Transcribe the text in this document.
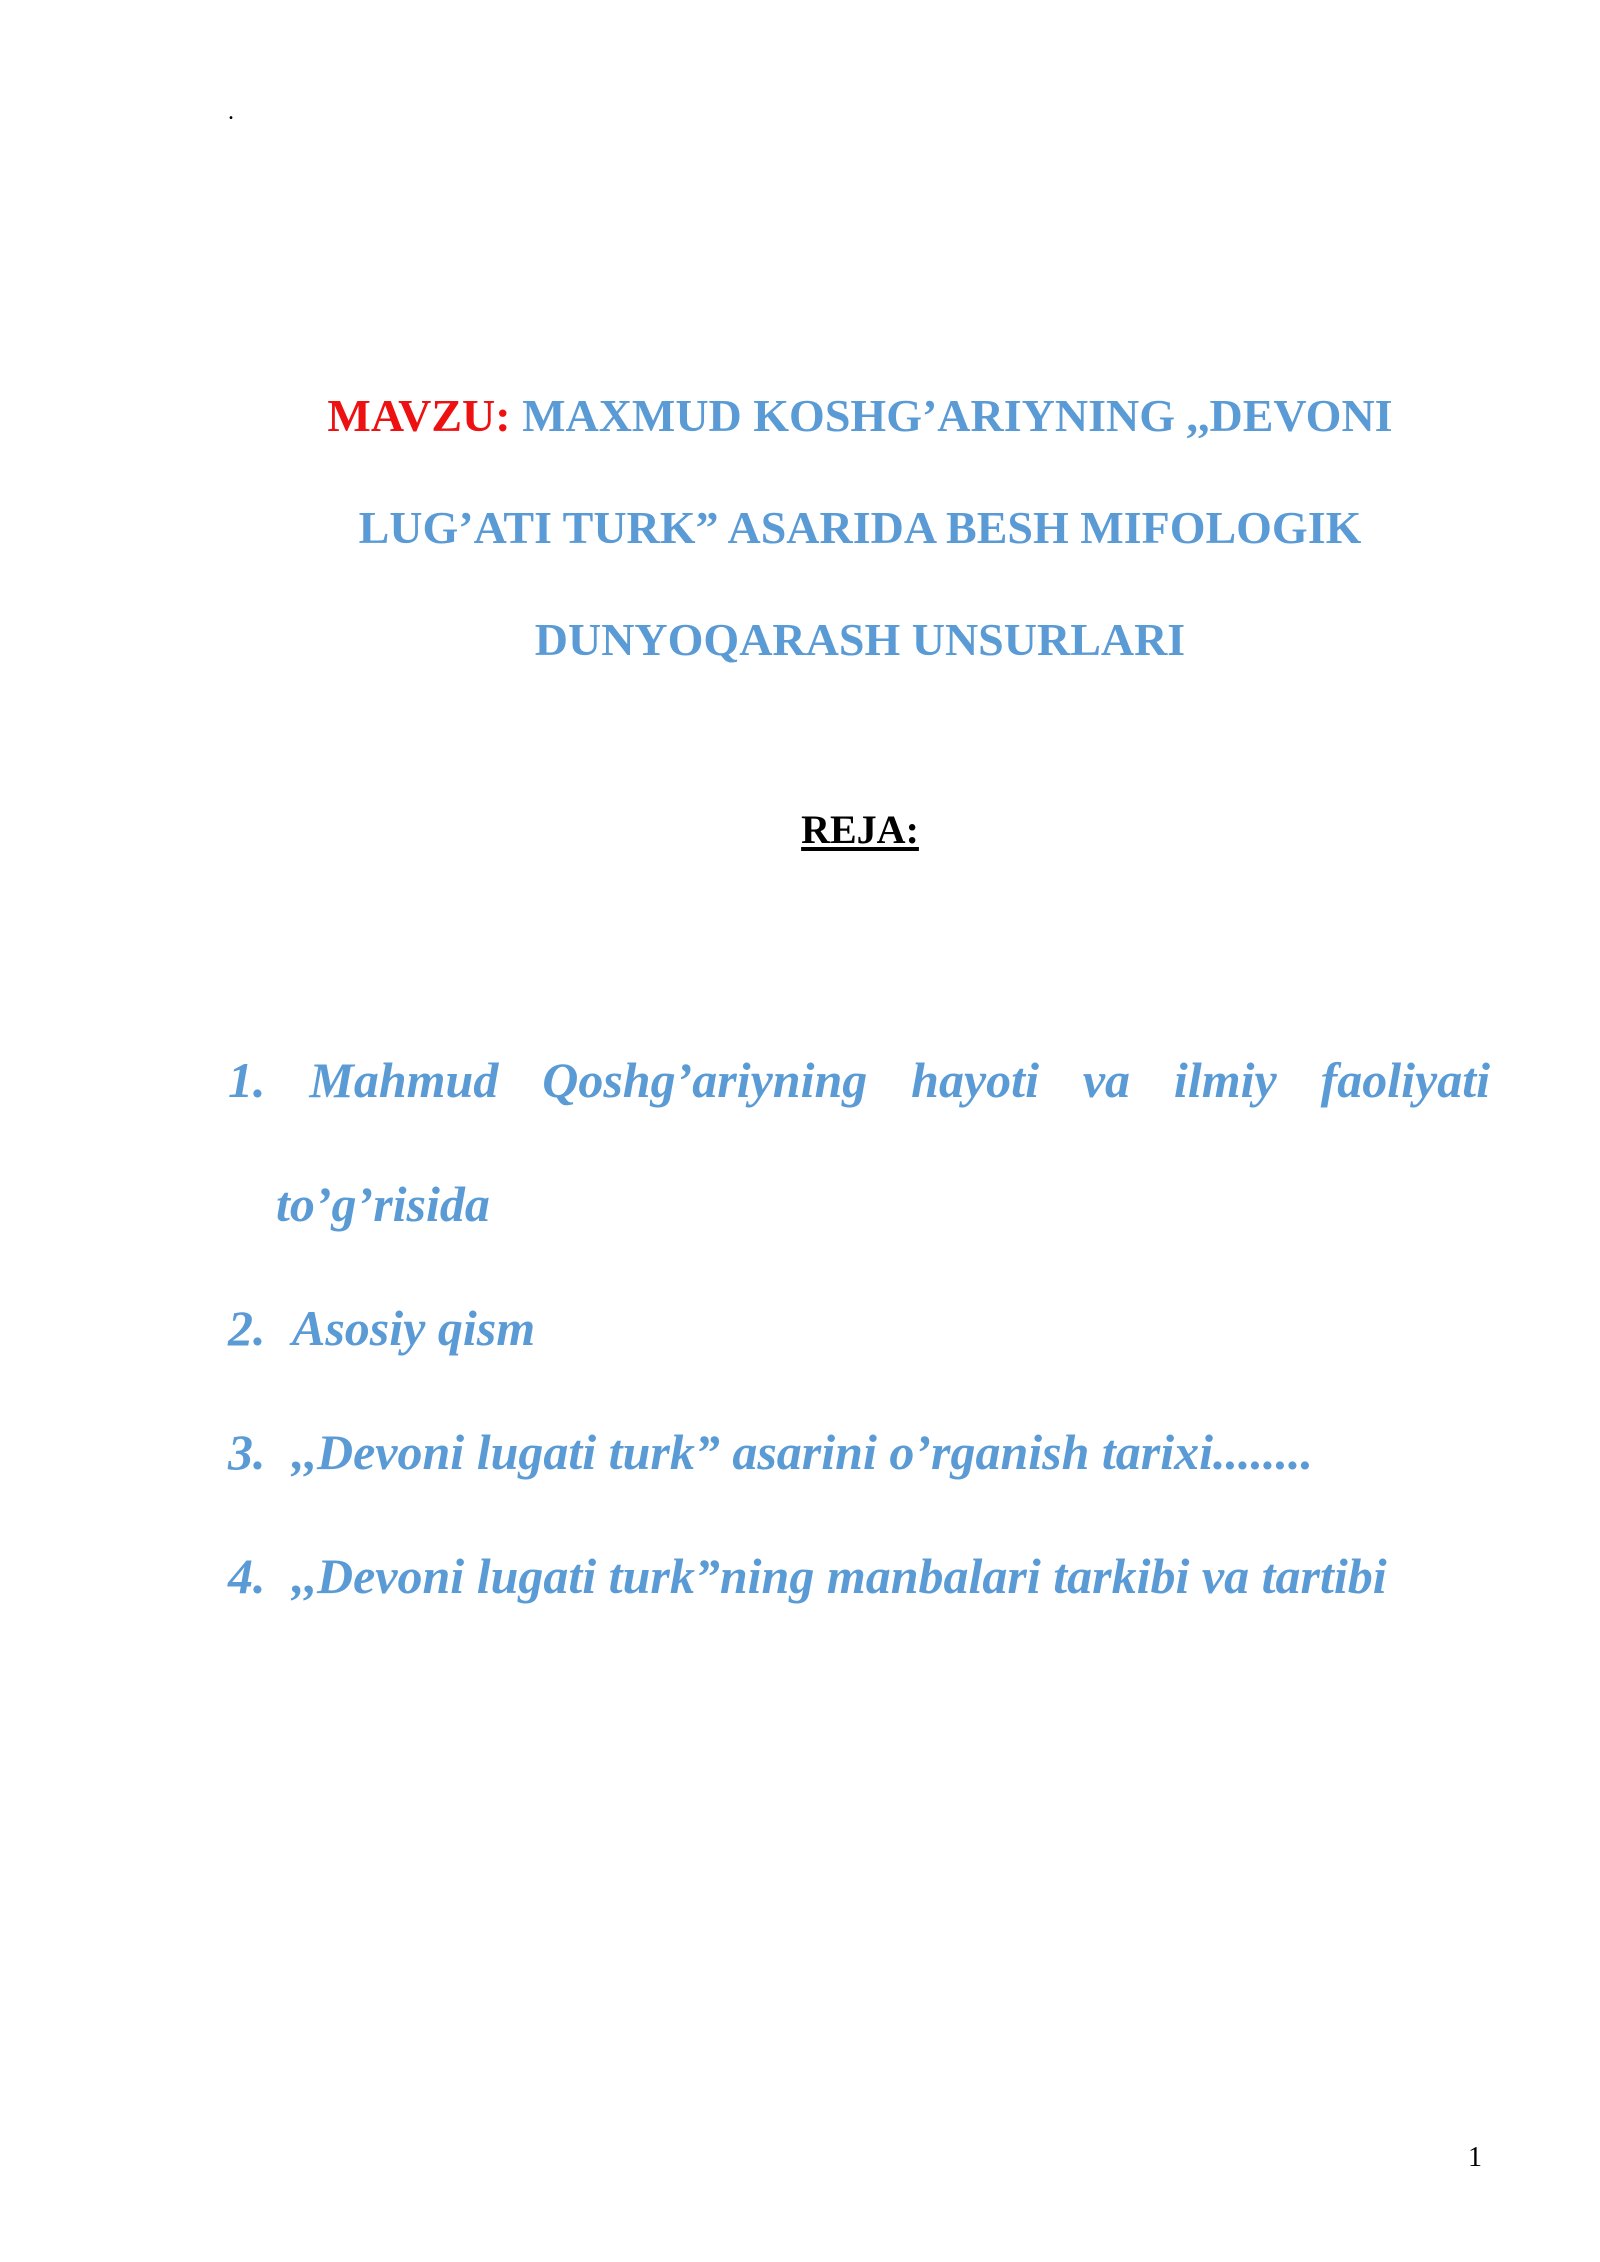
.
MAVZU: MAXMUD KOSHG’ARIYNING ,,DEVONI
LUG’ATI TURK” ASARIDA BESH MIFOLOGIK
DUNYOQARASH UNSURLARI
REJA:
1. Mahmud Qoshg’ariyning hayoti va ilmiy faoliyati
to’g’risida
2. Asosiy qism
3. ,,Devoni lugati turk” asarini o’rganish tarixi........
4. ,,Devoni lugati turk”ning manbalari tarkibi va tartibi
1
